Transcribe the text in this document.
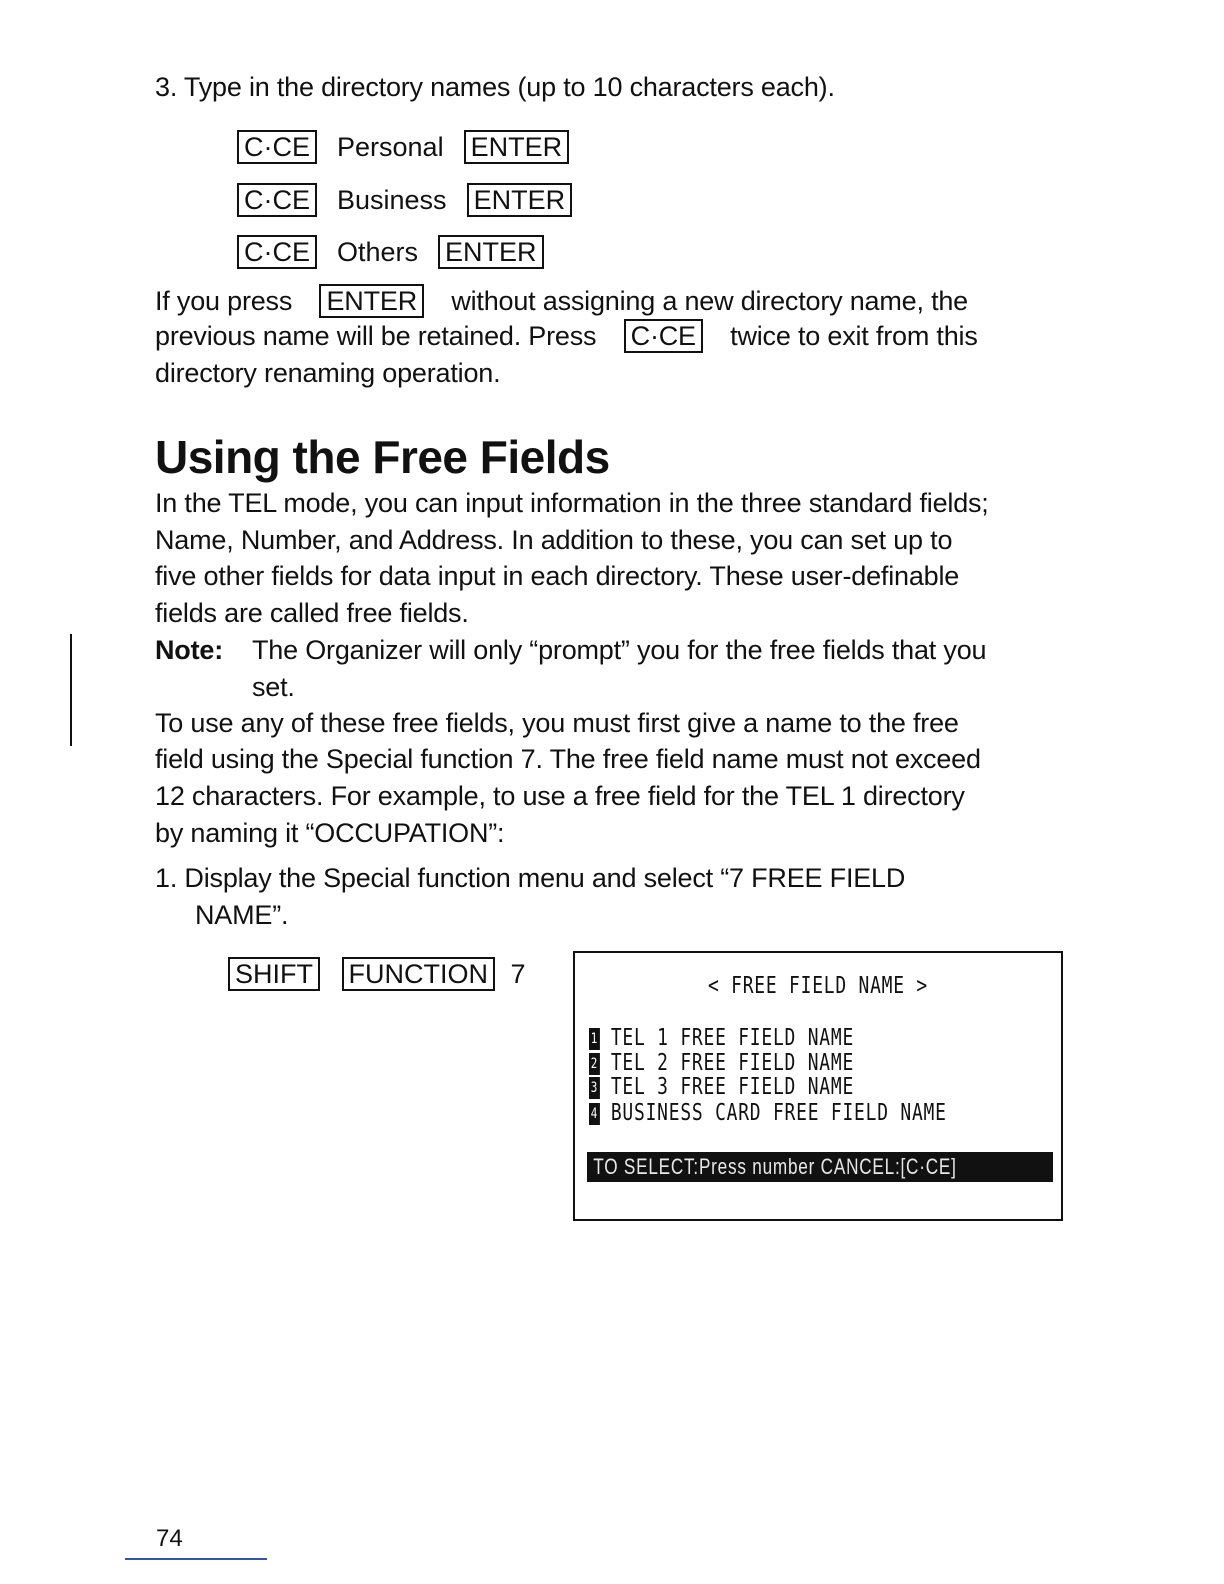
3. Type in the directory names (up to 10 characters each).
C·CE Personal ENTER
C·CE Business ENTER
C·CE Others ENTER
If you press ENTER without assigning a new directory name, the
previous name will be retained. Press C·CE twice to exit from this
directory renaming operation.
Using the Free Fields
In the TEL mode, you can input information in the three standard fields;
Name, Number, and Address. In addition to these, you can set up to
five other fields for data input in each directory. These user-definable
fields are called free fields.
Note: The Organizer will only “prompt” you for the free fields that you
set.
To use any of these free fields, you must first give a name to the free
field using the Special function 7. The free field name must not exceed
12 characters. For example, to use a free field for the TEL 1 directory
by naming it “OCCUPATION”:
1. Display the Special function menu and select “7 FREE FIELD
NAME”.
SHIFT FUNCTION 7	< FREE FIELD NAME >
1 TEL 1 FREE FIELD NAME
2 TEL 2 FREE FIELD NAME
3 TEL 3 FREE FIELD NAME
4 BUSINESS CARD FREE FIELD NAME
TO SELECT:Press number CANCEL:[C·CE]
74
